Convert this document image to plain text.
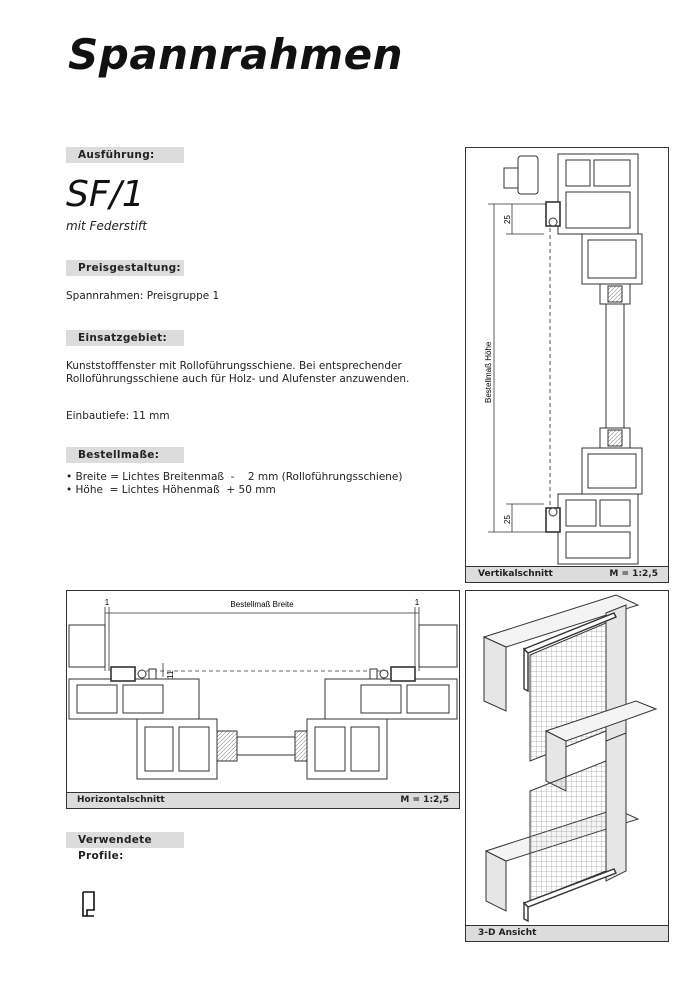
Spannrahmen
Ausführung:
SF/1
mit Federstift
Preisgestaltung:
Spannrahmen: Preisgruppe 1
Einsatzgebiet:
Kunststofffenster mit Rolloführungsschiene. Bei entsprechender
Rolloführungsschiene auch für Holz- und Alufenster anzuwenden.
Einbautiefe: 11 mm
Bestellmaße:
• Breite = Lichtes Breitenmaß  -    2 mm (Rolloführungsschiene)
• Höhe  = Lichtes Höhenmaß  + 50 mm
Verwendete Profile:
Bestellmaß Höhe
25
25
Vertikalschnitt	M = 1:2,5
Bestellmaß Breite
1	1
11
Horizontalschnitt	M = 1:2,5
3-D Ansicht
